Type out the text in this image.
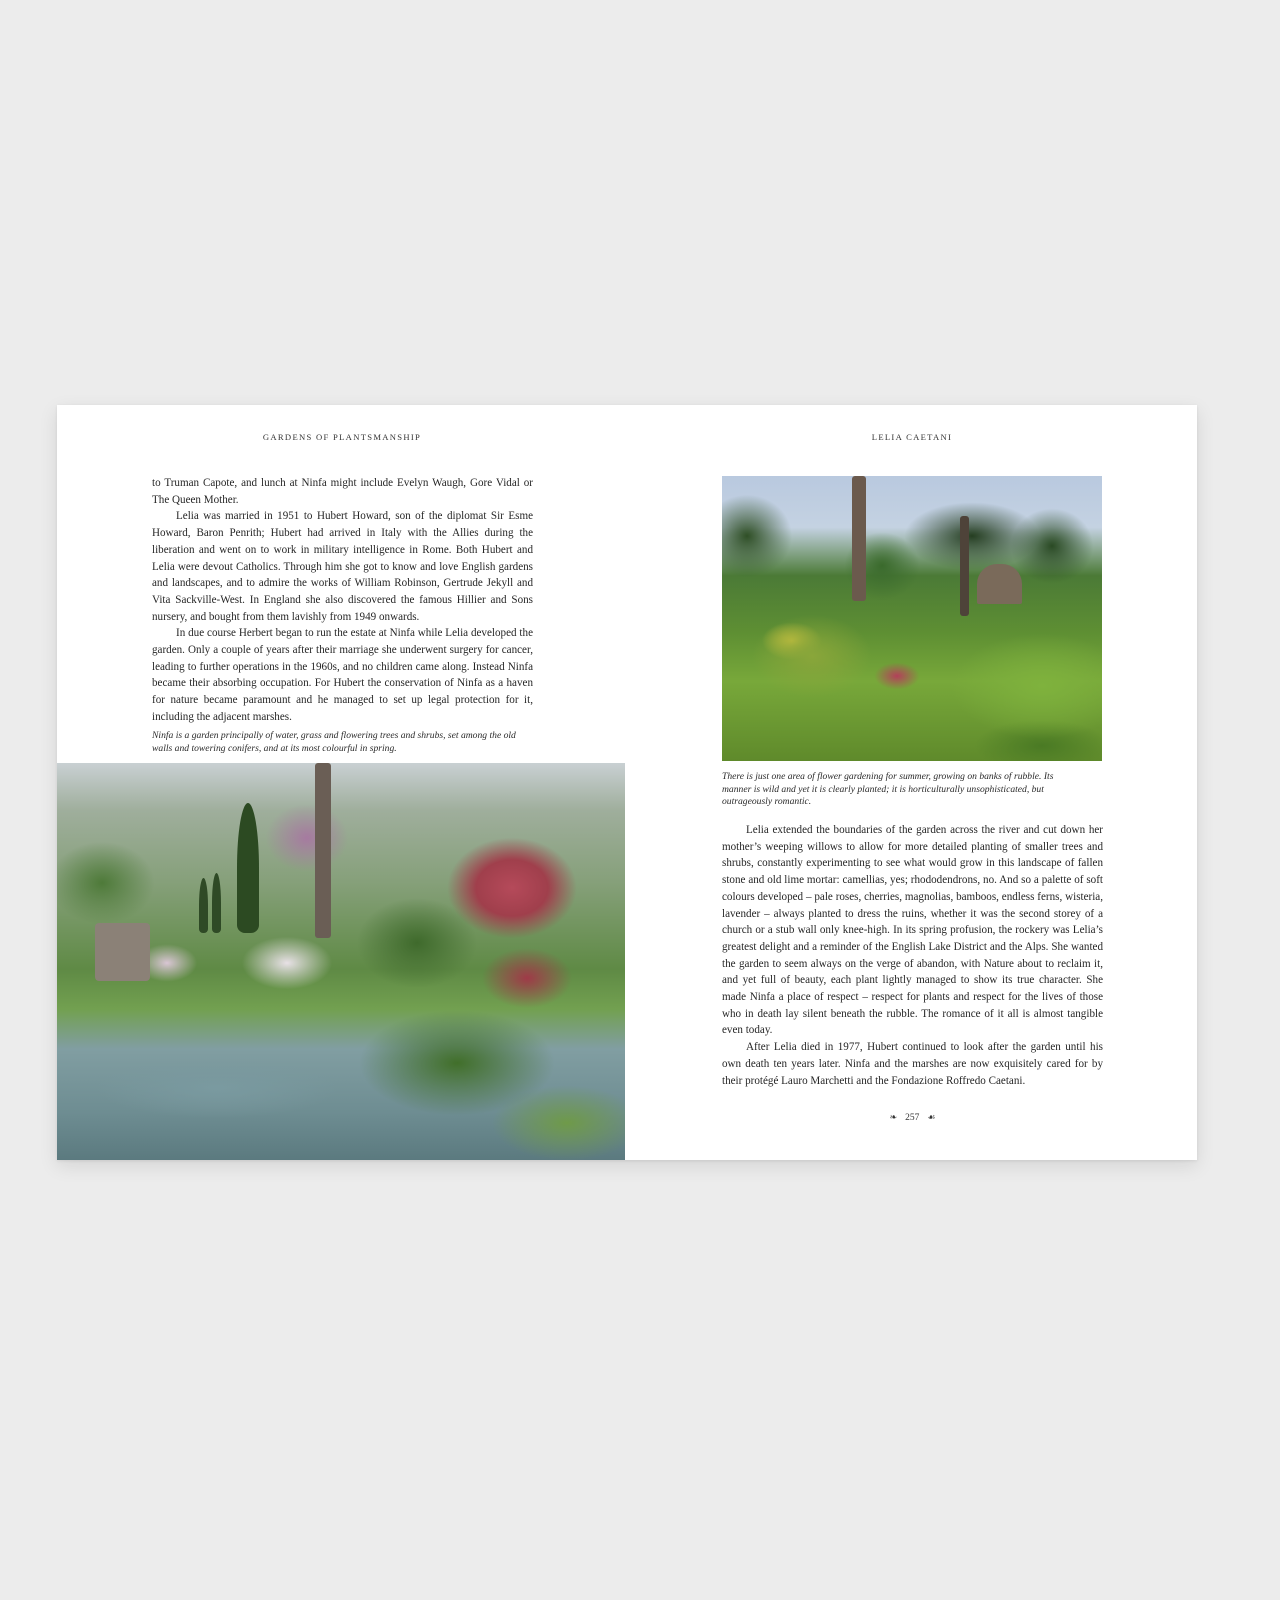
GARDENS OF PLANTSMANSHIP

to Truman Capote, and lunch at Ninfa might include Evelyn Waugh, Gore Vidal or The Queen Mother.

Lelia was married in 1951 to Hubert Howard, son of the diplomat Sir Esme Howard, Baron Penrith; Hubert had arrived in Italy with the Allies during the liberation and went on to work in military intelligence in Rome. Both Hubert and Lelia were devout Catholics. Through him she got to know and love English gardens and landscapes, and to admire the works of William Robinson, Gertrude Jekyll and Vita Sackville-West. In England she also discovered the famous Hillier and Sons nursery, and bought from them lavishly from 1949 onwards.

In due course Herbert began to run the estate at Ninfa while Lelia developed the garden. Only a couple of years after their marriage she underwent surgery for cancer, leading to further operations in the 1960s, and no children came along. Instead Ninfa became their absorbing occupation. For Hubert the conservation of Ninfa as a haven for nature became paramount and he managed to set up legal protection for it, including the adjacent marshes.

Ninfa is a garden principally of water, grass and flowering trees and shrubs, set among the old walls and towering conifers, and at its most colourful in spring.
LELIA CAETANI
There is just one area of flower gardening for summer, growing on banks of rubble. Its manner is wild and yet it is clearly planted; it is horticulturally unsophisticated, but outrageously romantic.

Lelia extended the boundaries of the garden across the river and cut down her mother’s weeping willows to allow for more detailed planting of smaller trees and shrubs, constantly experimenting to see what would grow in this landscape of fallen stone and old lime mortar: camellias, yes; rhododendrons, no. And so a palette of soft colours developed – pale roses, cherries, magnolias, bamboos, endless ferns, wisteria, lavender – always planted to dress the ruins, whether it was the second storey of a church or a stub wall only knee-high. In its spring profusion, the rockery was Lelia’s greatest delight and a reminder of the English Lake District and the Alps. She wanted the garden to seem always on the verge of abandon, with Nature about to reclaim it, and yet full of beauty, each plant lightly managed to show its true character. She made Ninfa a place of respect – respect for plants and respect for the lives of those who in death lay silent beneath the rubble. The romance of it all is almost tangible even today.

After Lelia died in 1977, Hubert continued to look after the garden until his own death ten years later. Ninfa and the marshes are now exquisitely cared for by their protégé Lauro Marchetti and the Fondazione Roffredo Caetani.

❧ 257 ☙
